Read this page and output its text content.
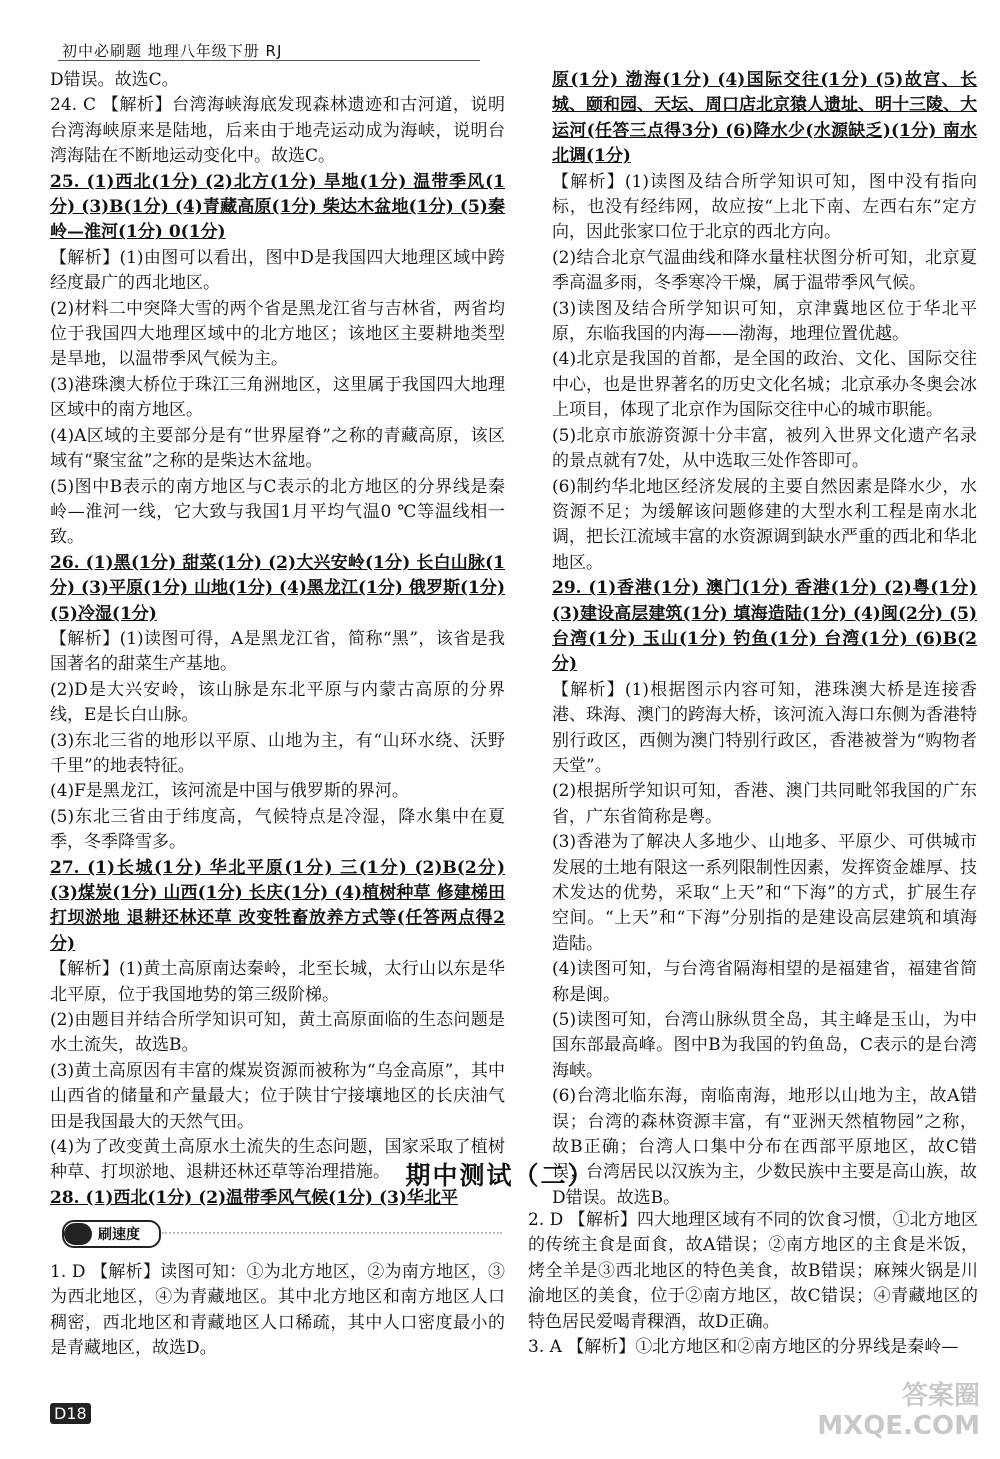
初中必刷题 地理八年级下册 RJ

D错误。故选C。

24. C 【解析】台湾海峡海底发现森林遗迹和古河道，说明台湾海峡原来是陆地，后来由于地壳运动成为海峡，说明台湾海陆在不断地运动变化中。故选C。

25. (1)西北(1分) (2)北方(1分) 旱地(1分) 温带季风(1分) (3)B(1分) (4)青藏高原(1分) 柴达木盆地(1分) (5)秦岭—淮河(1分) 0(1分)

【解析】(1)由图可以看出，图中D是我国四大地理区域中跨经度最广的西北地区。

(2)材料二中突降大雪的两个省是黑龙江省与吉林省，两省均位于我国四大地理区域中的北方地区；该地区主要耕地类型是旱地，以温带季风气候为主。

(3)港珠澳大桥位于珠江三角洲地区，这里属于我国四大地理区域中的南方地区。

(4)A区域的主要部分是有“世界屋脊”之称的青藏高原，该区域有“聚宝盆”之称的是柴达木盆地。

(5)图中B表示的南方地区与C表示的北方地区的分界线是秦岭—淮河一线，它大致与我国1月平均气温0 ℃等温线相一致。

26. (1)黑(1分) 甜菜(1分) (2)大兴安岭(1分) 长白山脉(1分) (3)平原(1分) 山地(1分) (4)黑龙江(1分) 俄罗斯(1分) (5)冷湿(1分)

【解析】(1)读图可得，A是黑龙江省，简称“黑”，该省是我国著名的甜菜生产基地。

(2)D是大兴安岭，该山脉是东北平原与内蒙古高原的分界线，E是长白山脉。

(3)东北三省的地形以平原、山地为主，有“山环水绕、沃野千里”的地表特征。

(4)F是黑龙江，该河流是中国与俄罗斯的界河。

(5)东北三省由于纬度高，气候特点是冷湿，降水集中在夏季，冬季降雪多。

27. (1)长城(1分) 华北平原(1分) 三(1分) (2)B(2分) (3)煤炭(1分) 山西(1分) 长庆(1分) (4)植树种草 修建梯田 打坝淤地 退耕还林还草 改变牲畜放养方式等(任答两点得2分)

【解析】(1)黄土高原南达秦岭，北至长城，太行山以东是华北平原，位于我国地势的第三级阶梯。

(2)由题目并结合所学知识可知，黄土高原面临的生态问题是水土流失，故选B。

(3)黄土高原因有丰富的煤炭资源而被称为“乌金高原”，其中山西省的储量和产量最大；位于陕甘宁接壤地区的长庆油气田是我国最大的天然气田。

(4)为了改变黄土高原水土流失的生态问题，国家采取了植树种草、打坝淤地、退耕还林还草等治理措施。

28. (1)西北(1分) (2)温带季风气候(1分) (3)华北平

原(1分) 渤海(1分) (4)国际交往(1分) (5)故宫、长城、颐和园、天坛、周口店北京猿人遗址、明十三陵、大运河(任答三点得3分) (6)降水少(水源缺乏)(1分) 南水北调(1分)

【解析】(1)读图及结合所学知识可知，图中没有指向标，也没有经纬网，故应按“上北下南、左西右东”定方向，因此张家口位于北京的西北方向。

(2)结合北京气温曲线和降水量柱状图分析可知，北京夏季高温多雨，冬季寒冷干燥，属于温带季风气候。

(3)读图及结合所学知识可知，京津冀地区位于华北平原，东临我国的内海——渤海，地理位置优越。

(4)北京是我国的首都，是全国的政治、文化、国际交往中心，也是世界著名的历史文化名城；北京承办冬奥会冰上项目，体现了北京作为国际交往中心的城市职能。

(5)北京市旅游资源十分丰富，被列入世界文化遗产名录的景点就有7处，从中选取三处作答即可。

(6)制约华北地区经济发展的主要自然因素是降水少，水资源不足；为缓解该问题修建的大型水利工程是南水北调，把长江流域丰富的水资源调到缺水严重的西北和华北地区。

29. (1)香港(1分) 澳门(1分) 香港(1分) (2)粤(1分) (3)建设高层建筑(1分) 填海造陆(1分) (4)闽(2分) (5)台湾(1分) 玉山(1分) 钓鱼(1分) 台湾(1分) (6)B(2分)

【解析】(1)根据图示内容可知，港珠澳大桥是连接香港、珠海、澳门的跨海大桥，该河流入海口东侧为香港特别行政区，西侧为澳门特别行政区，香港被誉为“购物者天堂”。

(2)根据所学知识可知，香港、澳门共同毗邻我国的广东省，广东省简称是粤。

(3)香港为了解决人多地少、山地多、平原少、可供城市发展的土地有限这一系列限制性因素，发挥资金雄厚、技术发达的优势，采取“上天”和“下海”的方式，扩展生存空间。“上天”和“下海”分别指的是建设高层建筑和填海造陆。

(4)读图可知，与台湾省隔海相望的是福建省，福建省简称是闽。

(5)读图可知，台湾山脉纵贯全岛，其主峰是玉山，为中国东部最高峰。图中B为我国的钓鱼岛，C表示的是台湾海峡。

(6)台湾北临东海，南临南海，地形以山地为主，故A错误；台湾的森林资源丰富，有“亚洲天然植物园”之称，故B正确；台湾人口集中分布在西部平原地区，故C错误；台湾居民以汉族为主，少数民族中主要是高山族，故D错误。故选B。

期中测试（二）
刷速度

1. D 【解析】读图可知：①为北方地区，②为南方地区，③为西北地区，④为青藏地区。其中北方地区和南方地区人口稠密，西北地区和青藏地区人口稀疏，其中人口密度最小的是青藏地区，故选D。

2. D 【解析】四大地理区域有不同的饮食习惯，①北方地区的传统主食是面食，故A错误；②南方地区的主食是米饭，烤全羊是③西北地区的特色美食，故B错误；麻辣火锅是川渝地区的美食，位于②南方地区，故C错误；④青藏地区的特色居民爱喝青稞酒，故D正确。

3. A 【解析】①北方地区和②南方地区的分界线是秦岭—

D18
答案圈
MXQE.COM
